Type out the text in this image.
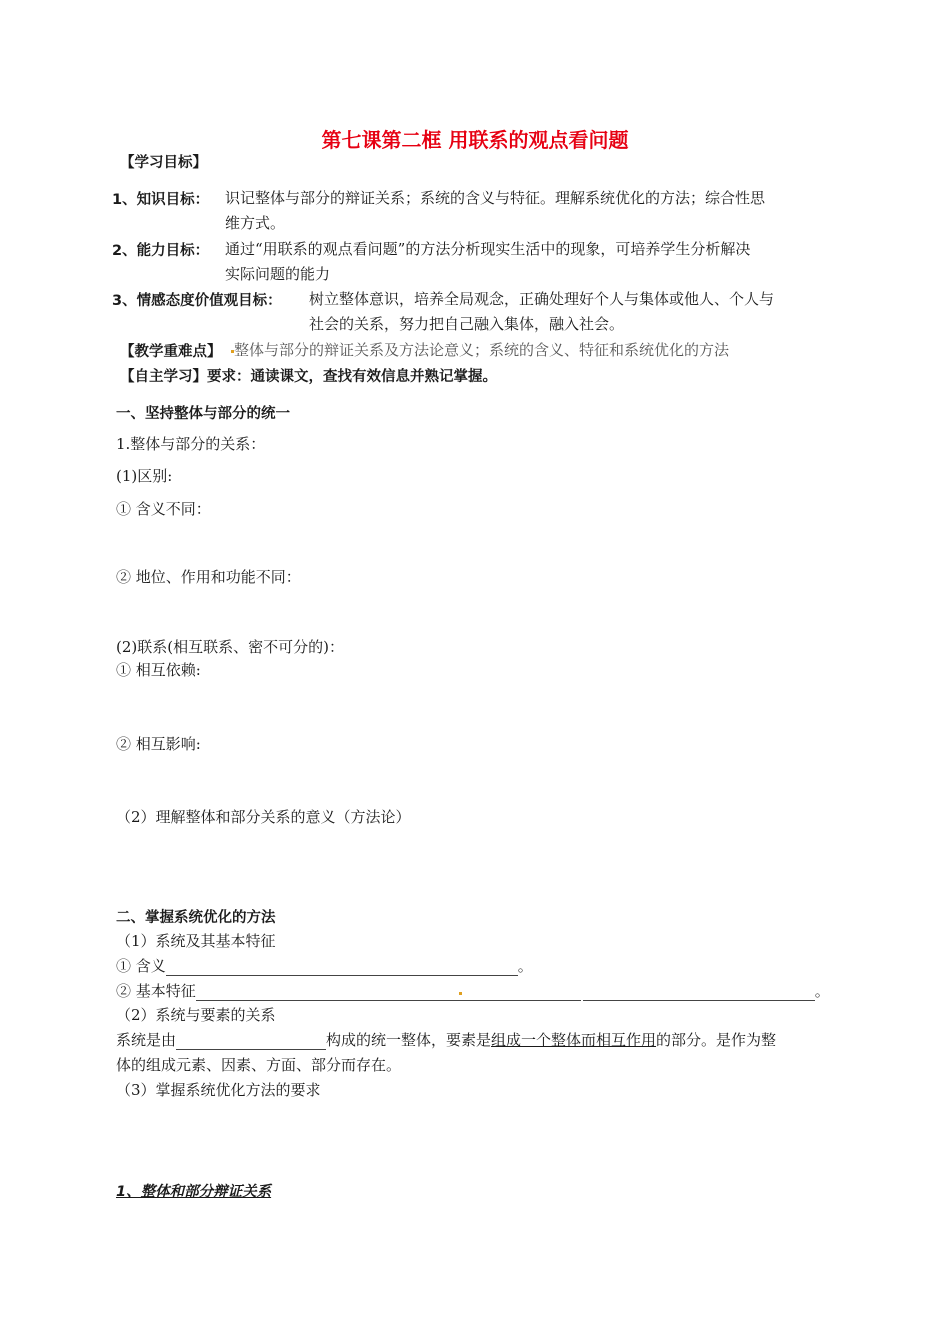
第七课第二框 用联系的观点看问题
【学习目标】
1、知识目标： 识记整体与部分的辩证关系；系统的含义与特征。理解系统优化的方法；综合性思
维方式。
2、能力目标： 通过“用联系的观点看问题”的方法分析现实生活中的现象，可培养学生分析解决
实际问题的能力
3、情感态度价值观目标： 树立整体意识，培养全局观念，正确处理好个人与集体或他人、个人与
社会的关系，努力把自己融入集体，融入社会。
【教学重难点】 整体与部分的辩证关系及方法论意义；系统的含义、特征和系统优化的方法
【自主学习】要求：通读课文，查找有效信息并熟记掌握。
一、坚持整体与部分的统一
1.整体与部分的关系：
(1)区别:
① 含义不同：
② 地位、作用和功能不同：
(2)联系(相互联系、密不可分的)：
① 相互依赖:
② 相互影响:
（2）理解整体和部分关系的意义（方法论）
二、掌握系统优化的方法
（1）系统及其基本特征
① 含义	。
② 基本特征	。
（2）系统与要素的关系
系统是由	构成的统一整体，要素是组成一个整体而相互作用的部分。是作为整
体的组成元素、因素、方面、部分而存在。
（3）掌握系统优化方法的要求
1、整体和部分辩证关系
